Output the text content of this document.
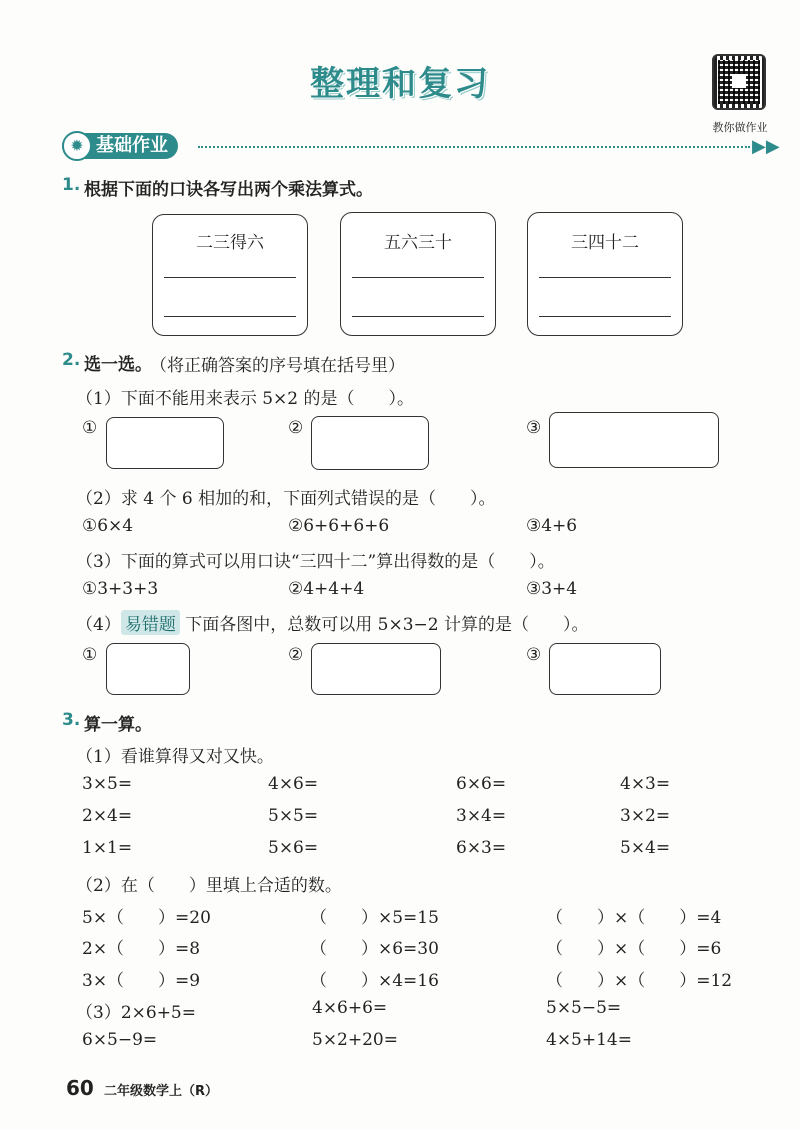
整理和复习
教你做作业
基础作业
✹	▶▶
1. 根据下面的口诀各写出两个乘法算式。
二三得六	五六三十	三四十二
2. 选一选。
（将正确答案的序号填在括号里）
（1）下面不能用来表示 5×2 的是（　　）。
①	②	③
（2）求 4 个 6 相加的和，下面列式错误的是（　　）。
①6×4	②6+6+6+6	③4+6
（3）下面的算式可以用口诀“三四十二”算出得数的是（　　）。
①3+3+3	②4+4+4	③3+4
（4） 易错题 下面各图中，总数可以用 5×3−2 计算的是（　　）。
①	②	③
3. 算一算。
（1）看谁算得又对又快。
3×5=	4×6=	6×6=	4×3=
2×4=	5×5=	3×4=	3×2=
1×1=	5×6=	6×3=	5×4=
（2）在（　　）里填上合适的数。
5×（　　）=20	（　　）×5=15	（　　）×（　　）=4
2×（　　）=8	（　　）×6=30	（　　）×（　　）=6
3×（　　）=9	（　　）×4=16	（　　）×（　　）=12
（3）2×6+5=	4×6+6=	5×5−5=
6×5−9=	5×2+20=	4×5+14=
60 二年级数学上（R）
